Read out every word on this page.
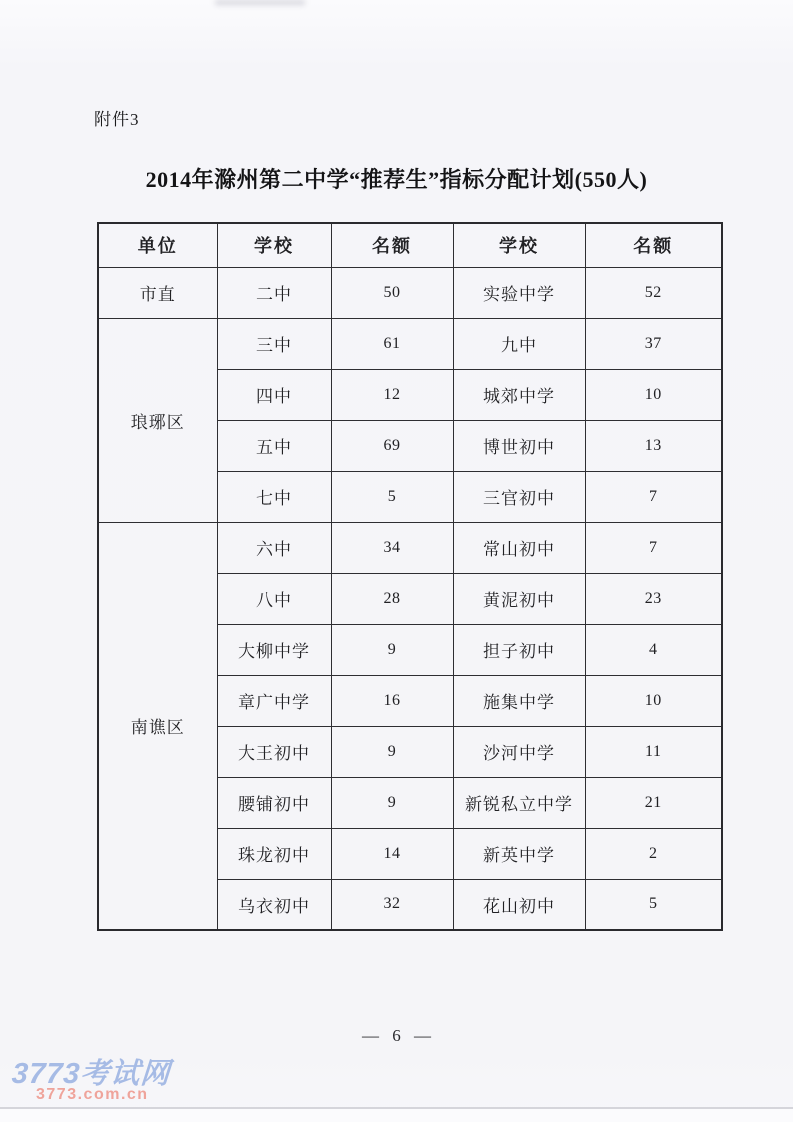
附件3
2014年滁州第二中学“推荐生”指标分配计划(550人)
单位	学校	名额	学校	名额
市直	二中	50	实验中学	52
琅琊区	三中	61	九中	37
	四中	12	城郊中学	10
	五中	69	博世初中	13
	七中	5	三官初中	7
南谯区	六中	34	常山初中	7
	八中	28	黄泥初中	23
	大柳中学	9	担子初中	4
	章广中学	16	施集中学	10
	大王初中	9	沙河中学	11
	腰铺初中	9	新锐私立中学	21
	珠龙初中	14	新英中学	2
	乌衣初中	32	花山初中	5
— 6 —
3773考试网
3773.com.cn
